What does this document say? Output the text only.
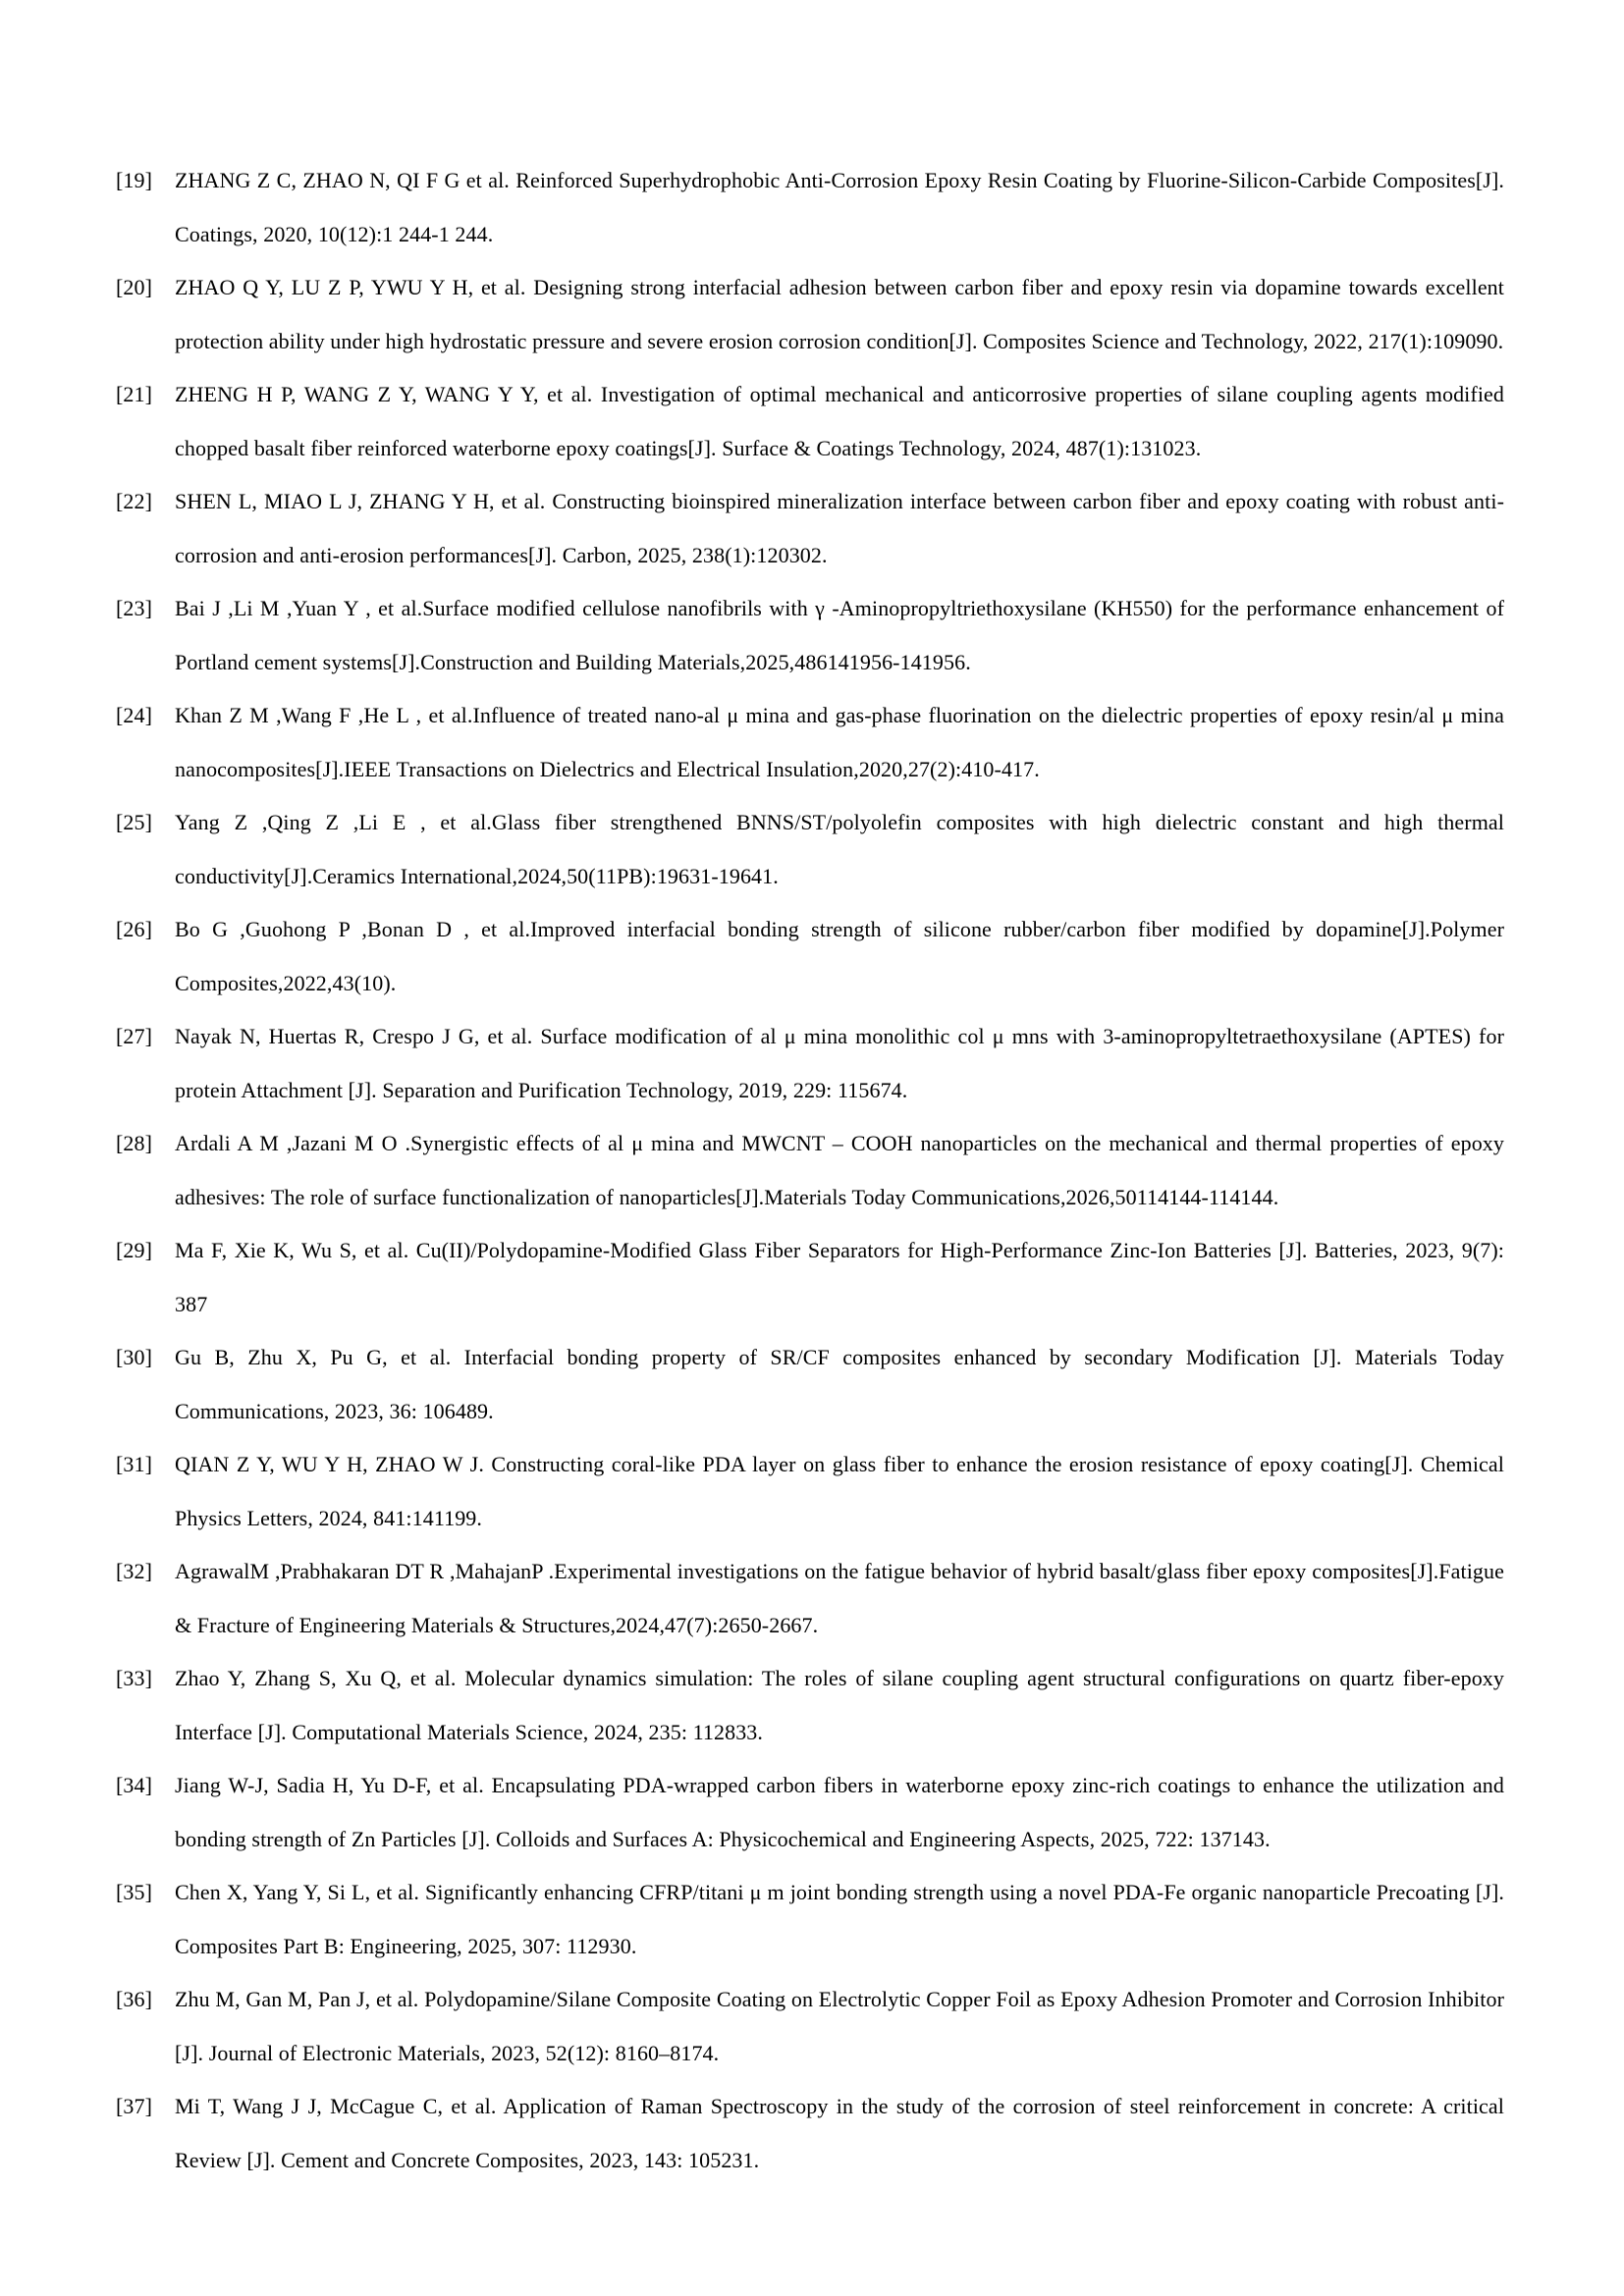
[19] ZHANG Z C, ZHAO N, QI F G et al. Reinforced Superhydrophobic Anti-Corrosion Epoxy Resin Coating by Fluorine-Silicon-Carbide Composites[J]. Coatings, 2020, 10(12):1 244-1 244.
[20] ZHAO Q Y, LU Z P, YWU Y H, et al. Designing strong interfacial adhesion between carbon fiber and epoxy resin via dopamine towards excellent protection ability under high hydrostatic pressure and severe erosion corrosion condition[J]. Composites Science and Technology, 2022, 217(1):109090.
[21] ZHENG H P, WANG Z Y, WANG Y Y, et al. Investigation of optimal mechanical and anticorrosive properties of silane coupling agents modified chopped basalt fiber reinforced waterborne epoxy coatings[J]. Surface & Coatings Technology, 2024, 487(1):131023.
[22] SHEN L, MIAO L J, ZHANG Y H, et al. Constructing bioinspired mineralization interface between carbon fiber and epoxy coating with robust anti-corrosion and anti-erosion performances[J]. Carbon, 2025, 238(1):120302.
[23] Bai J ,Li M ,Yuan Y , et al.Surface modified cellulose nanofibrils with γ -Aminopropyltriethoxysilane (KH550) for the performance enhancement of Portland cement systems[J].Construction and Building Materials,2025,486141956-141956.
[24] Khan Z M ,Wang F ,He L , et al.Influence of treated nano-al μ mina and gas-phase fluorination on the dielectric properties of epoxy resin/al μ mina nanocomposites[J].IEEE Transactions on Dielectrics and Electrical Insulation,2020,27(2):410-417.
[25] Yang Z ,Qing Z ,Li E , et al.Glass fiber strengthened BNNS/ST/polyolefin composites with high dielectric constant and high thermal conductivity[J].Ceramics International,2024,50(11PB):19631-19641.
[26] Bo G ,Guohong P ,Bonan D , et al.Improved interfacial bonding strength of silicone rubber/carbon fiber modified by dopamine[J].Polymer Composites,2022,43(10).
[27] Nayak N, Huertas R, Crespo J G, et al. Surface modification of al μ mina monolithic col μ mns with 3-aminopropyltetraethoxysilane (APTES) for protein Attachment [J]. Separation and Purification Technology, 2019, 229: 115674.
[28] Ardali A M ,Jazani M O .Synergistic effects of al μ mina and MWCNT – COOH nanoparticles on the mechanical and thermal properties of epoxy adhesives: The role of surface functionalization of nanoparticles[J].Materials Today Communications,2026,50114144-114144.
[29] Ma F, Xie K, Wu S, et al. Cu(II)/Polydopamine-Modified Glass Fiber Separators for High-Performance Zinc-Ion Batteries [J]. Batteries, 2023, 9(7): 387
[30] Gu B, Zhu X, Pu G, et al. Interfacial bonding property of SR/CF composites enhanced by secondary Modification [J]. Materials Today Communications, 2023, 36: 106489.
[31] QIAN Z Y, WU Y H, ZHAO W J. Constructing coral-like PDA layer on glass fiber to enhance the erosion resistance of epoxy coating[J]. Chemical Physics Letters, 2024, 841:141199.
[32] AgrawalM ,Prabhakaran DT R ,MahajanP .Experimental investigations on the fatigue behavior of hybrid basalt/glass fiber epoxy composites[J].Fatigue & Fracture of Engineering Materials & Structures,2024,47(7):2650-2667.
[33] Zhao Y, Zhang S, Xu Q, et al. Molecular dynamics simulation: The roles of silane coupling agent structural configurations on quartz fiber-epoxy Interface [J]. Computational Materials Science, 2024, 235: 112833.
[34] Jiang W-J, Sadia H, Yu D-F, et al. Encapsulating PDA-wrapped carbon fibers in waterborne epoxy zinc-rich coatings to enhance the utilization and bonding strength of Zn Particles [J]. Colloids and Surfaces A: Physicochemical and Engineering Aspects, 2025, 722: 137143.
[35] Chen X, Yang Y, Si L, et al. Significantly enhancing CFRP/titani μ m joint bonding strength using a novel PDA-Fe organic nanoparticle Precoating [J]. Composites Part B: Engineering, 2025, 307: 112930.
[36] Zhu M, Gan M, Pan J, et al. Polydopamine/Silane Composite Coating on Electrolytic Copper Foil as Epoxy Adhesion Promoter and Corrosion Inhibitor [J]. Journal of Electronic Materials, 2023, 52(12): 8160–8174.
[37] Mi T, Wang J J, McCague C, et al. Application of Raman Spectroscopy in the study of the corrosion of steel reinforcement in concrete: A critical Review [J]. Cement and Concrete Composites, 2023, 143: 105231.
